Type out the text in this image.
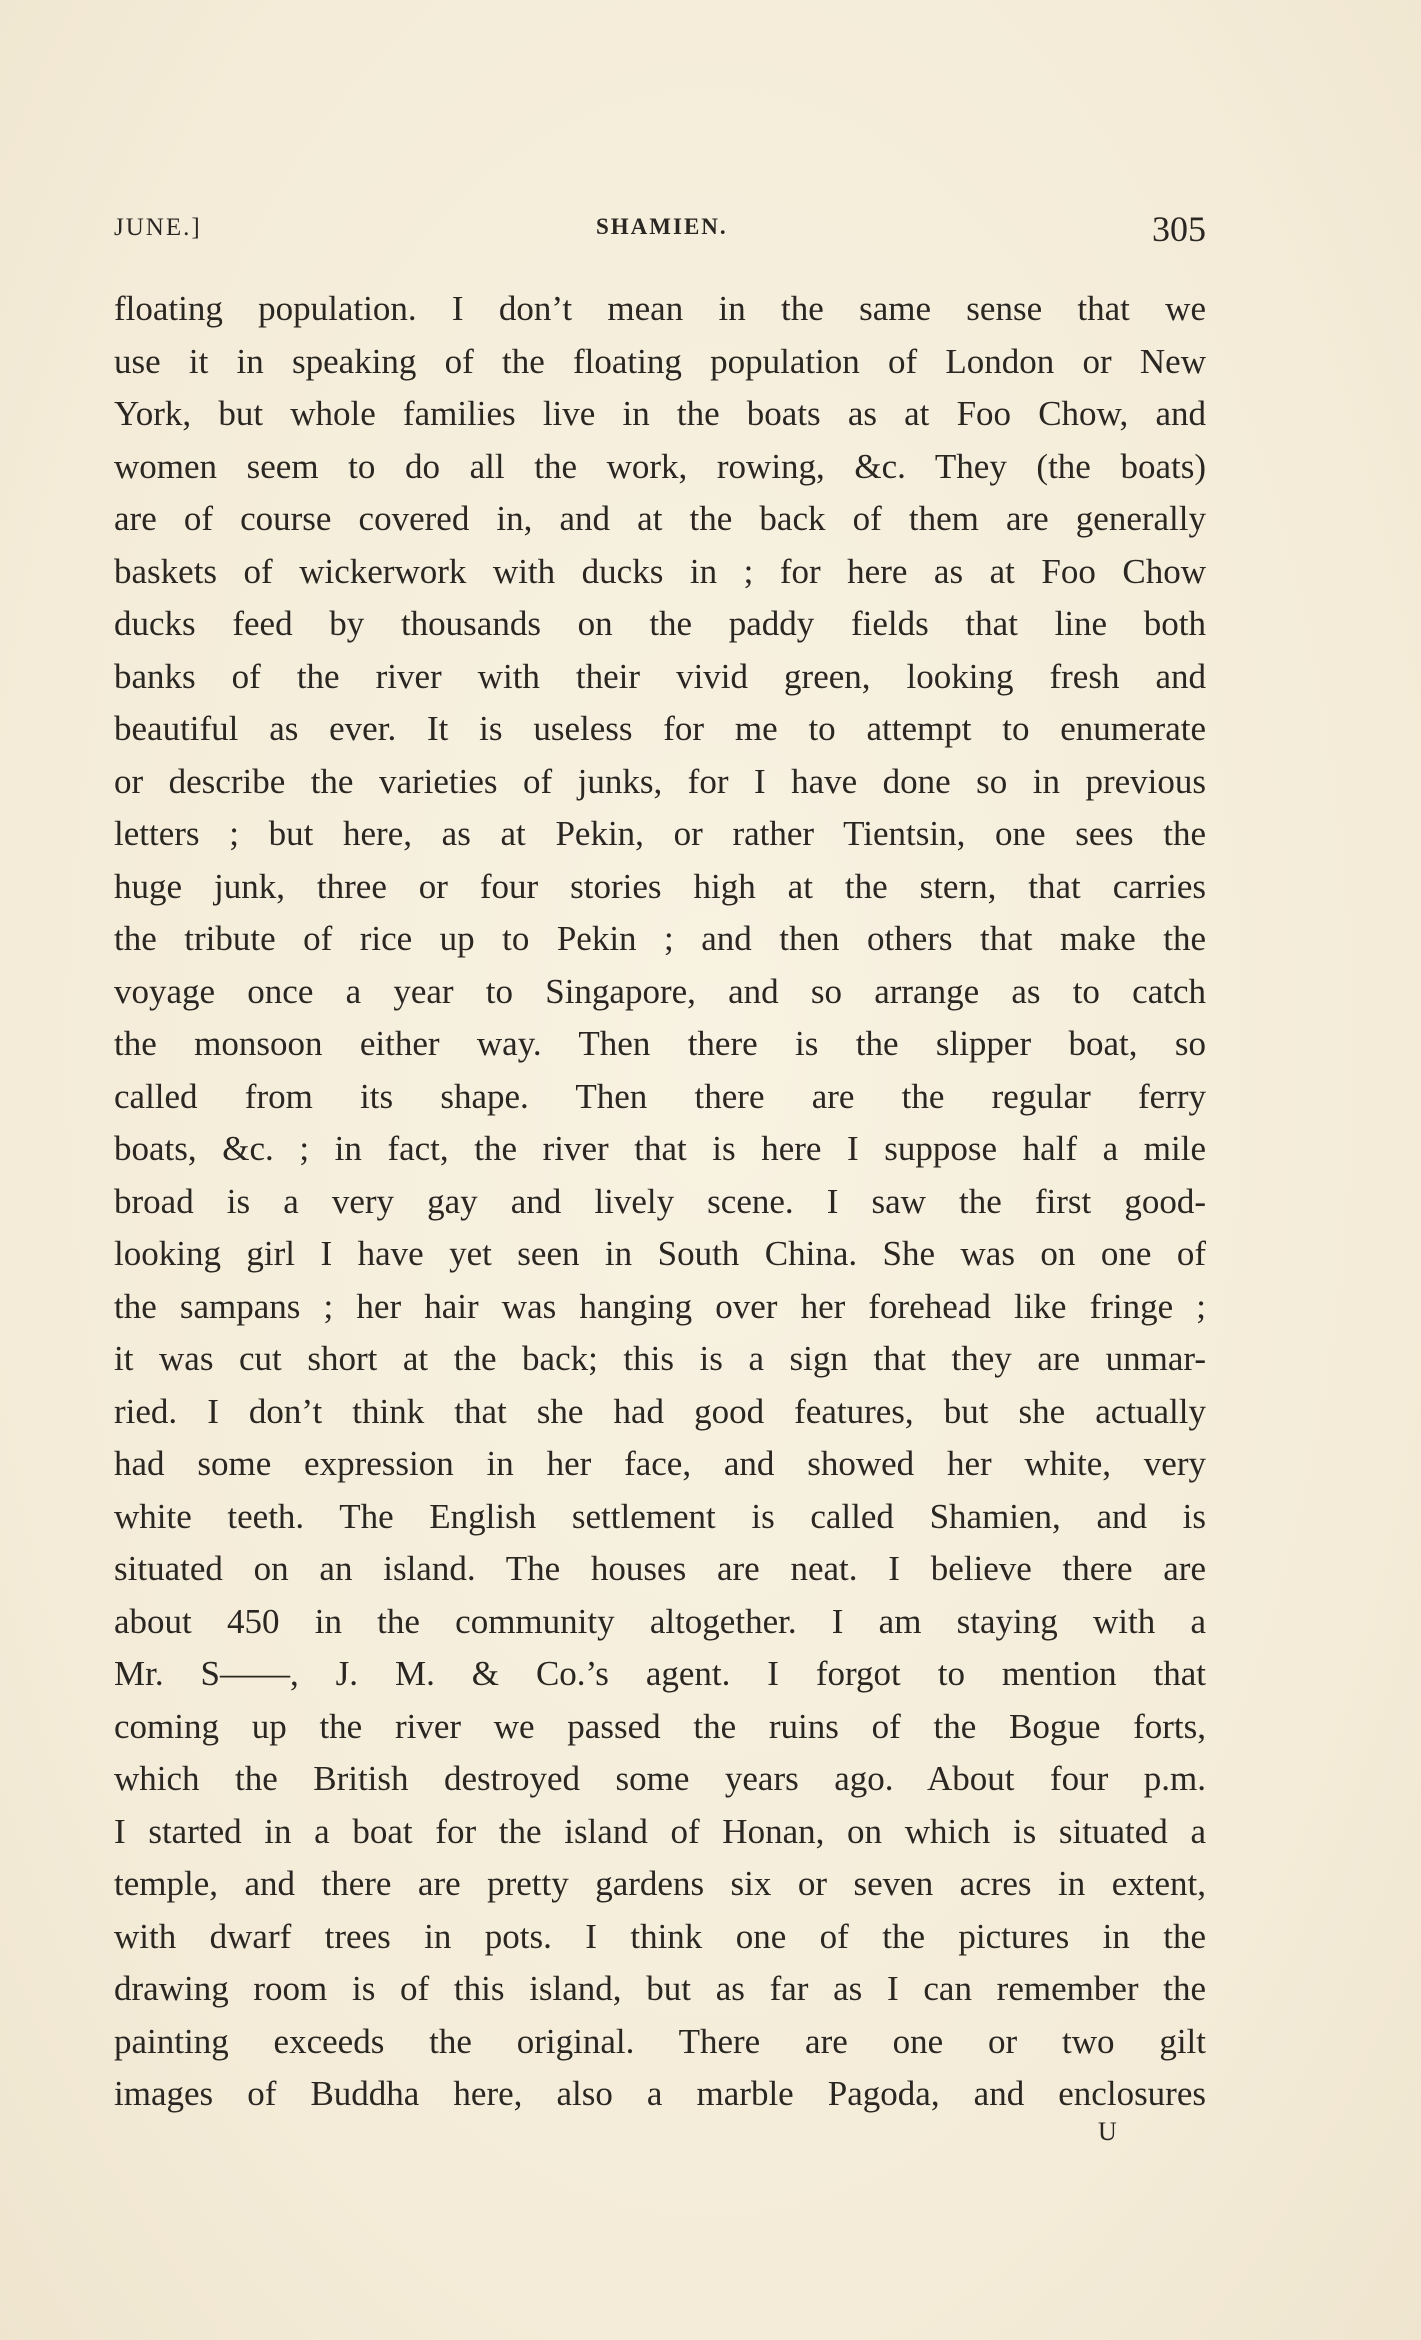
JUNE.]	SHAMIEN.	305
floating population. I don’t mean in the same sense that we
use it in speaking of the floating population of London or New
York, but whole families live in the boats as at Foo Chow, and
women seem to do all the work, rowing, &c. They (the boats)
are of course covered in, and at the back of them are generally
baskets of wickerwork with ducks in ; for here as at Foo Chow
ducks feed by thousands on the paddy fields that line both
banks of the river with their vivid green, looking fresh and
beautiful as ever. It is useless for me to attempt to enumerate
or describe the varieties of junks, for I have done so in previous
letters ; but here, as at Pekin, or rather Tientsin, one sees the
huge junk, three or four stories high at the stern, that carries
the tribute of rice up to Pekin ; and then others that make the
voyage once a year to Singapore, and so arrange as to catch
the monsoon either way. Then there is the slipper boat, so
called from its shape. Then there are the regular ferry
boats, &c. ; in fact, the river that is here I suppose half a mile
broad is a very gay and lively scene. I saw the first good-
looking girl I have yet seen in South China. She was on one of
the sampans ; her hair was hanging over her forehead like fringe ;
it was cut short at the back; this is a sign that they are unmar-
ried. I don’t think that she had good features, but she actually
had some expression in her face, and showed her white, very
white teeth. The English settlement is called Shamien, and is
situated on an island. The houses are neat. I believe there are
about 450 in the community altogether. I am staying with a
Mr. S——, J. M. & Co.’s agent. I forgot to mention that
coming up the river we passed the ruins of the Bogue forts,
which the British destroyed some years ago. About four p.m.
I started in a boat for the island of Honan, on which is situated a
temple, and there are pretty gardens six or seven acres in extent,
with dwarf trees in pots. I think one of the pictures in the
drawing room is of this island, but as far as I can remember the
painting exceeds the original. There are one or two gilt
images of Buddha here, also a marble Pagoda, and enclosures
U
